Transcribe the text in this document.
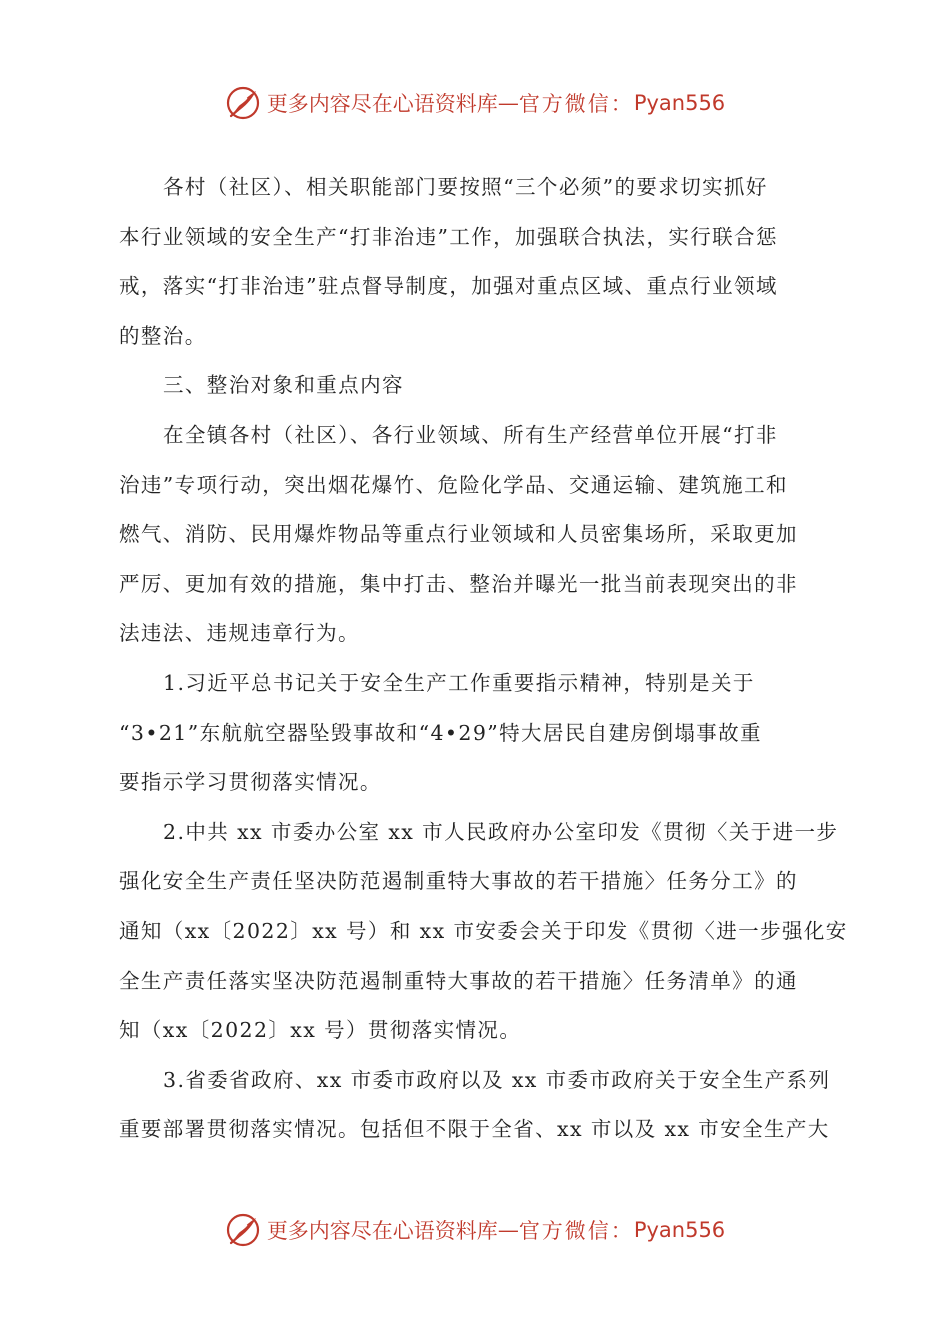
更多内容尽在心语资料库 — 官方微信： Pyan556
各村（社区）、相关职能部门要按照“三个必须”的要求切实抓好
本行业领域的安全生产“打非治违”工作，加强联合执法，实行联合惩
戒，落实“打非治违”驻点督导制度，加强对重点区域、重点行业领域
的整治。
三、整治对象和重点内容
在全镇各村（社区）、各行业领域、所有生产经营单位开展“打非
治违”专项行动，突出烟花爆竹、危险化学品、交通运输、建筑施工和
燃气、消防、民用爆炸物品等重点行业领域和人员密集场所，采取更加
严厉、更加有效的措施，集中打击、整治并曝光一批当前表现突出的非
法违法、违规违章行为。
1.习近平总书记关于安全生产工作重要指示精神，特别是关于
“3•21”东航航空器坠毁事故和“4•29”特大居民自建房倒塌事故重
要指示学习贯彻落实情况。
2.中共 xx 市委办公室 xx 市人民政府办公室印发《贯彻〈关于进一步
强化安全生产责任坚决防范遏制重特大事故的若干措施〉任务分工》的
通知（xx〔2022〕xx 号）和 xx 市安委会关于印发《贯彻〈进一步强化安
全生产责任落实坚决防范遏制重特大事故的若干措施〉任务清单》的通
知（xx〔2022〕xx 号）贯彻落实情况。
3.省委省政府、xx 市委市政府以及 xx 市委市政府关于安全生产系列
重要部署贯彻落实情况。包括但不限于全省、xx 市以及 xx 市安全生产大
更多内容尽在心语资料库 — 官方微信： Pyan556
